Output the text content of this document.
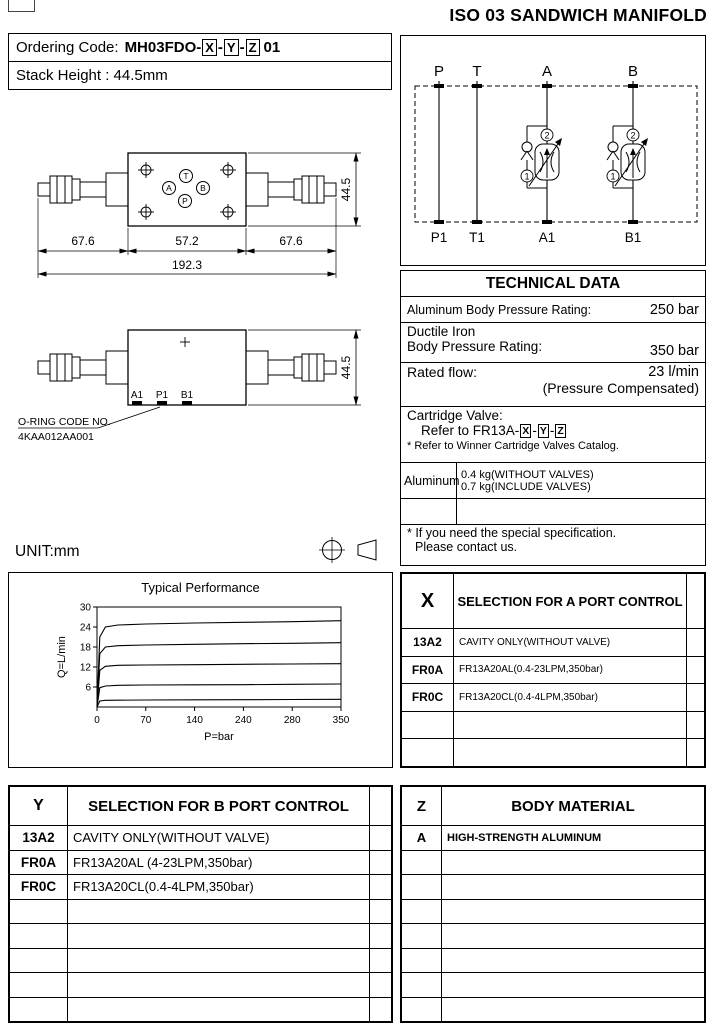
ISO 03 SANDWICH MANIFOLD
Ordering Code: MH03FDO- X - Y - Z 01
Stack Height : 44.5mm
T
A	B
P
67.6	57.2	67.6
192.3
44.5
44.5
A1 P1 B1
O-RING CODE NO.
4KAA012AA001
UNIT:mm
P T	A	B
2
1
2
1
P1 T1	A1	B1
TECHNICAL DATA
Aluminum Body Pressure Rating:	250 bar
Ductile Iron
Body Pressure Rating:	350 bar
Rated flow:	23 l/min
(Pressure Compensated)
Cartridge Valve:
Refer to FR13A- X - Y - Z
* Refer to Winner Cartridge Valves Catalog.
Aluminum 0.4 kg(WITHOUT VALVES)
0.7 kg(INCLUDE VALVES)
* If you need the special specification.
Please contact us.
Typical Performance
30
24
18
12
6
0	70	140	240	280	350
Q=L/min
P=bar
X	SELECTION FOR A PORT CONTROL
13A2	CAVITY ONLY(WITHOUT VALVE)
FR0A	FR13A20AL(0.4-23LPM,350bar)
FR0C	FR13A20CL(0.4-4LPM,350bar)
Y	SELECTION FOR B PORT CONTROL
13A2	CAVITY ONLY(WITHOUT VALVE)
FR0A	FR13A20AL (4-23LPM,350bar)
FR0C	FR13A20CL(0.4-4LPM,350bar)
Z	BODY MATERIAL
A	HIGH-STRENGTH ALUMINUM
